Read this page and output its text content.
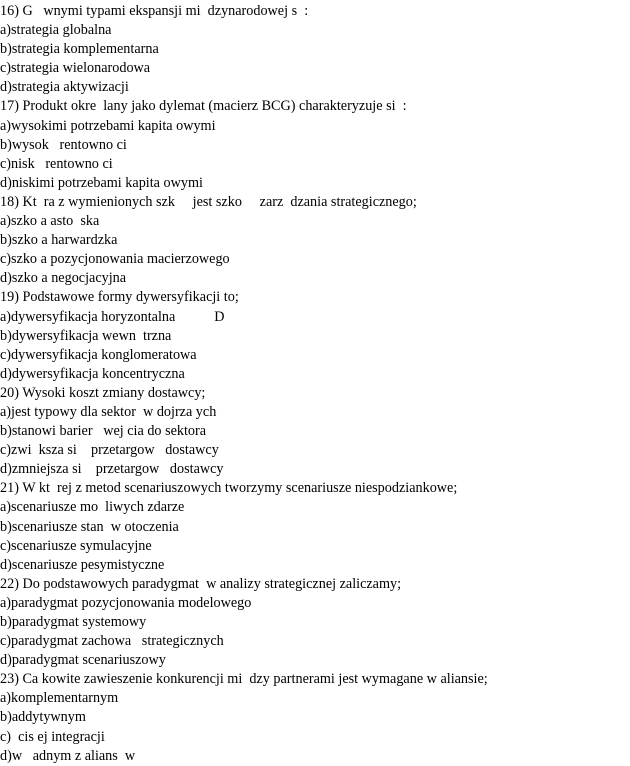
16) G   wnymi typami ekspansji mi  dzynarodowej s  :
a)strategia globalna
b)strategia komplementarna
c)strategia wielonarodowa
d)strategia aktywizacji
17) Produkt okre  lany jako dylemat (macierz BCG) charakteryzuje si  :
a)wysokimi potrzebami kapita owymi
b)wysok   rentowno ci
c)nisk   rentowno ci
d)niskimi potrzebami kapita owymi
18) Kt  ra z wymienionych szk     jest szko     zarz  dzania strategicznego;
a)szko a asto  ska
b)szko a harwardzka
c)szko a pozycjonowania macierzowego
d)szko a negocjacyjna
19) Podstawowe formy dywersyfikacji to;
a)dywersyfikacja horyzontalna           D
b)dywersyfikacja wewn  trzna
c)dywersyfikacja konglomeratowa
d)dywersyfikacja koncentryczna
20) Wysoki koszt zmiany dostawcy;
a)jest typowy dla sektor  w dojrza ych
b)stanowi barier   wej cia do sektora
c)zwi  ksza si    przetargow   dostawcy
d)zmniejsza si    przetargow   dostawcy
21) W kt  rej z metod scenariuszowych tworzymy scenariusze niespodziankowe;
a)scenariusze mo  liwych zdarze
b)scenariusze stan  w otoczenia
c)scenariusze symulacyjne
d)scenariusze pesymistyczne
22) Do podstawowych paradygmat  w analizy strategicznej zaliczamy;
a)paradygmat pozycjonowania modelowego
b)paradygmat systemowy
c)paradygmat zachowa   strategicznych
d)paradygmat scenariuszowy
23) Ca kowite zawieszenie konkurencji mi  dzy partnerami jest wymagane w aliansie;
a)komplementarnym
b)addytywnym
c)  cis ej integracji
d)w   adnym z alians  w
